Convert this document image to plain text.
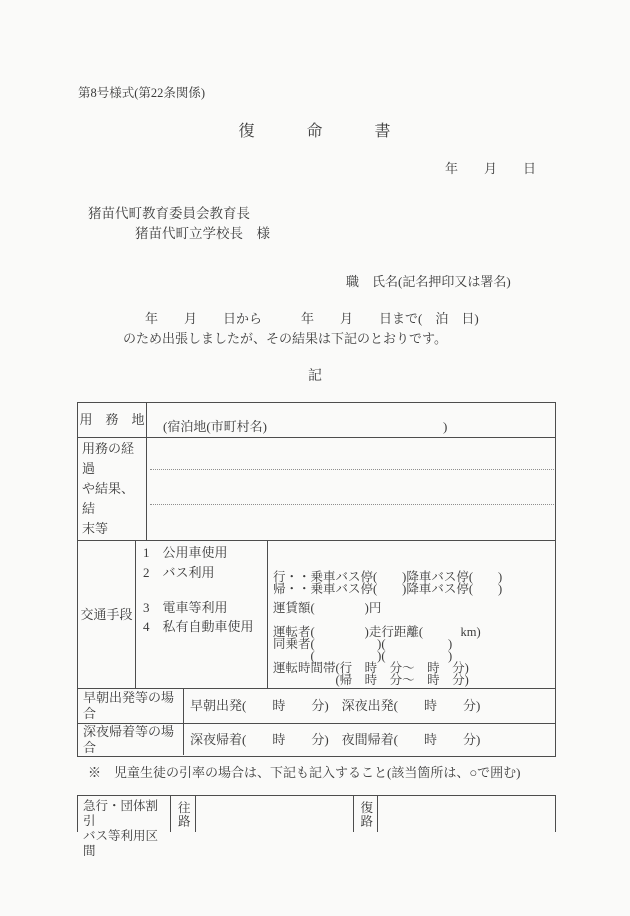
第8号様式(第22条関係)
復　　　命　　　書
年　　月　　日
猪苗代町教育委員会教育長
猪苗代町立学校長　様
職　氏名(記名押印又は署名)
年　　月　　日から　　　年　　月　　日まで(　泊　日)
のため出張しましたが、その結果は下記のとおりです。
記
用　務　地 (宿泊地(市町村名)	)
用務の経過
や結果、結
末等
交通手段
1　公用車使用
2　バス利用
3　電車等利用
4　私有自動車使用
行・・乗車バス停(　　)降車バス停(　　)
帰・・乗車バス停(　　)降車バス停(　　)
運賃額(　　　　)円
運転者(　　　　)走行距離(　　　km)
同乗者(　　　　　)(　　　　　)
　　　(　　　　　)(　　　　　)
運転時間帯(行　時　分～　時　分)
　　　　　(帰　時　分～　時　分)
早朝出発等の場合
早朝出発(　　時　　分)　深夜出発(　　時　　分)
深夜帰着等の場合
深夜帰着(　　時　　分)　夜間帰着(　　時　　分)
※　児童生徒の引率の場合は、下記も記入すること(該当箇所は、○で囲む)
急行・団体割引
バス等利用区間
往路	復路
